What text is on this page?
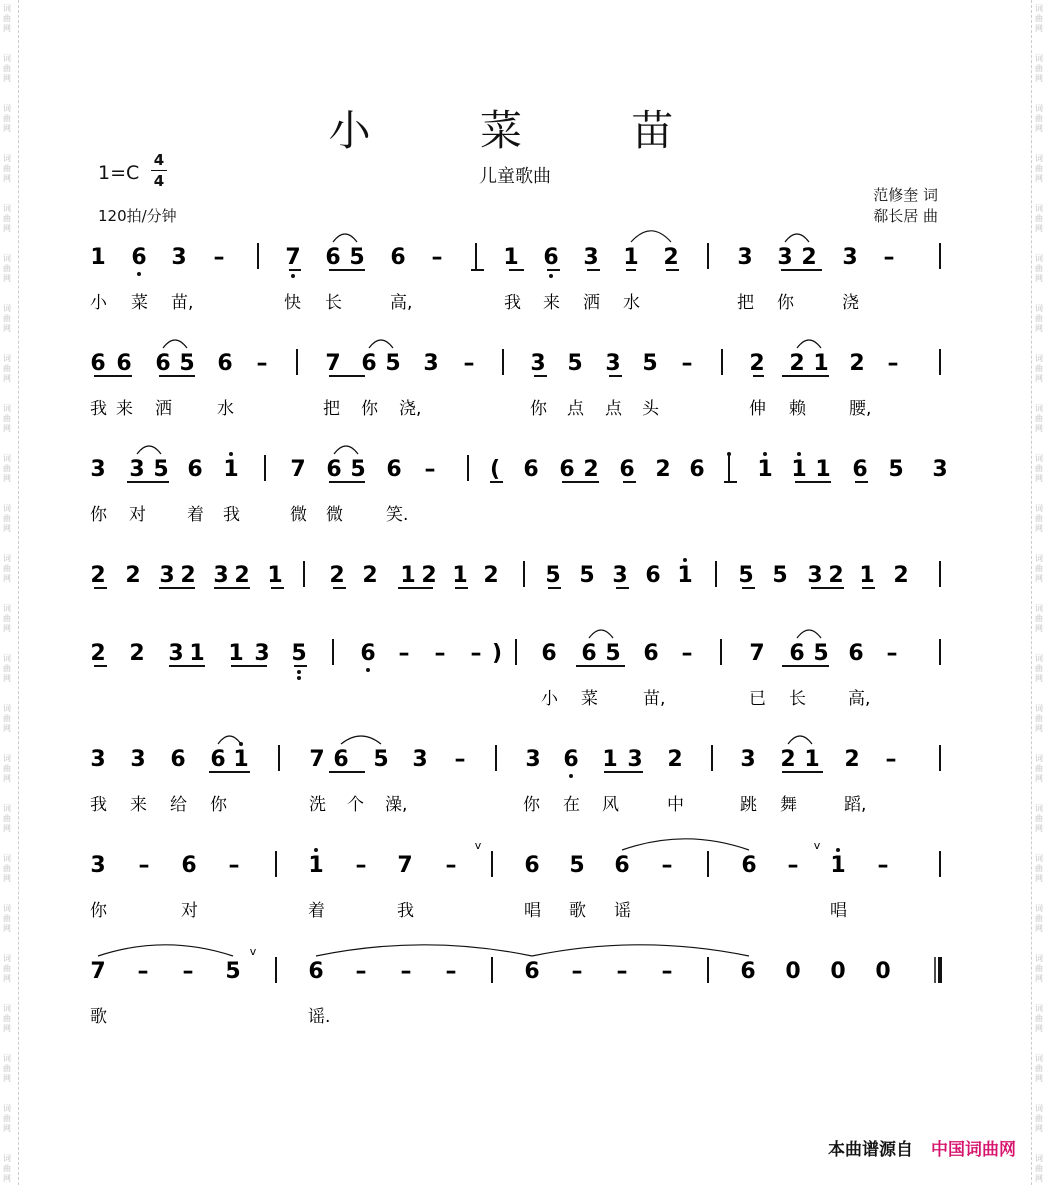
词
曲
网
词
曲
网
词
曲
网
词
曲
网
词
曲
网
词
曲
网
词
曲
网
词
曲
网
词
曲
网
词
曲
网
词
曲
网
词
曲
网
词
曲
网
词
曲
网
词
曲
网
词
曲
网
词
曲
网
词
曲
网
词
曲
网
词
曲
网
词
曲
网
词
曲
网
词
曲
网
词
曲
网
词
曲
网
词
曲
网
词
曲
网
词
曲
网
词
曲
网
词
曲
网
词
曲
网
词
曲
网
词
曲
网
词
曲
网
词
曲
网
词
曲
网
词
曲
网
词
曲
网
词
曲
网
词
曲
网
词
曲
网
词
曲
网
词
曲
网
词
曲
网
词
曲
网
词
曲
网
词
曲
网
词
曲
网
小 菜 苗
儿童歌曲
1=C
4
4
120拍/分钟
范修奎 词
郗长居 曲
1 6 3 –	7 6 5 6 –	1 6 3 1 2	3 3 2 3 –
小 菜 苗,	快 长	高,	我 来 洒 水	把 你	浇
6 6 6 5 6 –	7 6 5 3 –	3 5 3 5 –	2 2 1 2 –
我 来 洒	水	把 你 浇,	你 点 点 头	伸 赖	腰,
3 3 5 6 1 7 6 5 6 – ( 6 6 2 6 2 6 1 1 1 6 5 3
你 对 着 我	微 微	笑.
2 2 3 2 3 2 1 2 2 1 2 1 2 5 5 3 6 1 5 5 3 2 1 2
2 2 3 1 1 3 5 6 – – – ) 6 6 5 6 –	7 6 5 6 –
小 菜	苗,	已 长 高,
3 3 6 6 1	7 6 5 3 –	3 6 1 3 2	3 2 1 2 –
我 来 给 你	洗 个 澡,	你 在 风	中	跳 舞	蹈,
3 – 6 –	1 – 7 –	6 5 6 –	6 – 1 –
v	v
你	对	着	我	唱 歌 谣	唱
7 – – 5	6 – – –	6 – – –	6 0 0 0
v
歌	谣.
本曲谱源自 中国词曲网
